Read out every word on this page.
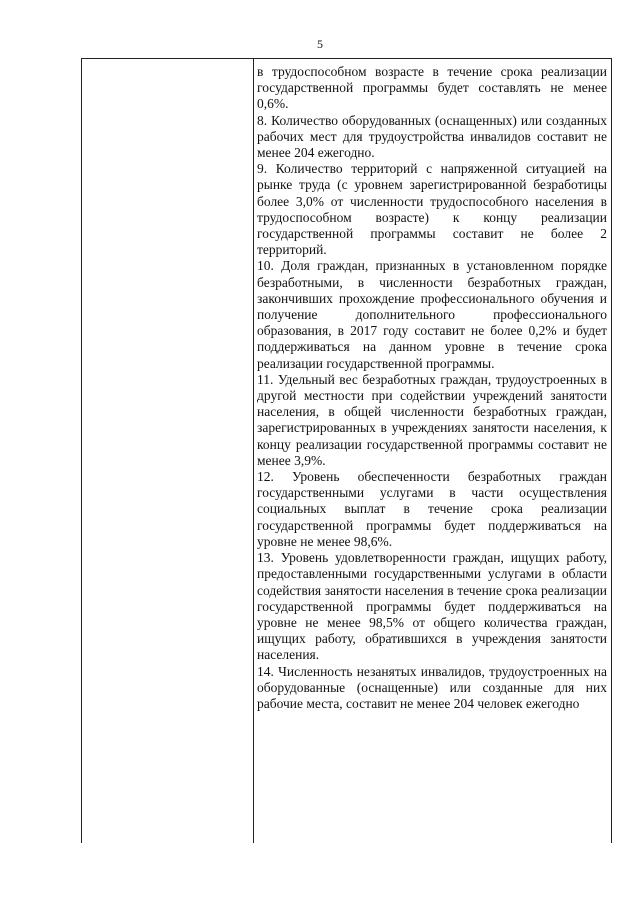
5

в трудоспособном возрасте в течение срока реализации государственной программы будет составлять не менее 0,6%.

8. Количество оборудованных (оснащенных) или созданных рабочих мест для трудоустройства инвалидов составит не менее 204 ежегодно.

9. Количество территорий с напряженной ситуацией на рынке труда (с уровнем зарегистрированной безработицы более 3,0% от численности трудоспособного населения в трудоспособном возрасте) к концу реализации государственной программы составит не более 2 территорий.

10. Доля граждан, признанных в установленном порядке безработными, в численности безработных граждан, закончивших прохождение профессионального обучения и получение дополнительного профессионального образования, в 2017 году составит не более 0,2% и будет поддерживаться на данном уровне в течение срока реализации государственной программы.

11. Удельный вес безработных граждан, трудоустроенных в другой местности при содействии учреждений занятости населения, в общей численности безработных граждан, зарегистрированных в учреждениях занятости населения, к концу реализации государственной программы составит не менее 3,9%.

12. Уровень обеспеченности безработных граждан государственными услугами в части осуществления социальных выплат в течение срока реализации государственной программы будет поддерживаться на уровне не менее 98,6%.

13. Уровень удовлетворенности граждан, ищущих работу, предоставленными государственными услугами в области содействия занятости населения в течение срока реализации государственной программы будет поддерживаться на уровне не менее 98,5% от общего количества граждан, ищущих работу, обратившихся в учреждения занятости населения.

14. Численность незанятых инвалидов, трудоустроенных на оборудованные (оснащенные) или созданные для них рабочие места, составит не менее 204 человек ежегодно
